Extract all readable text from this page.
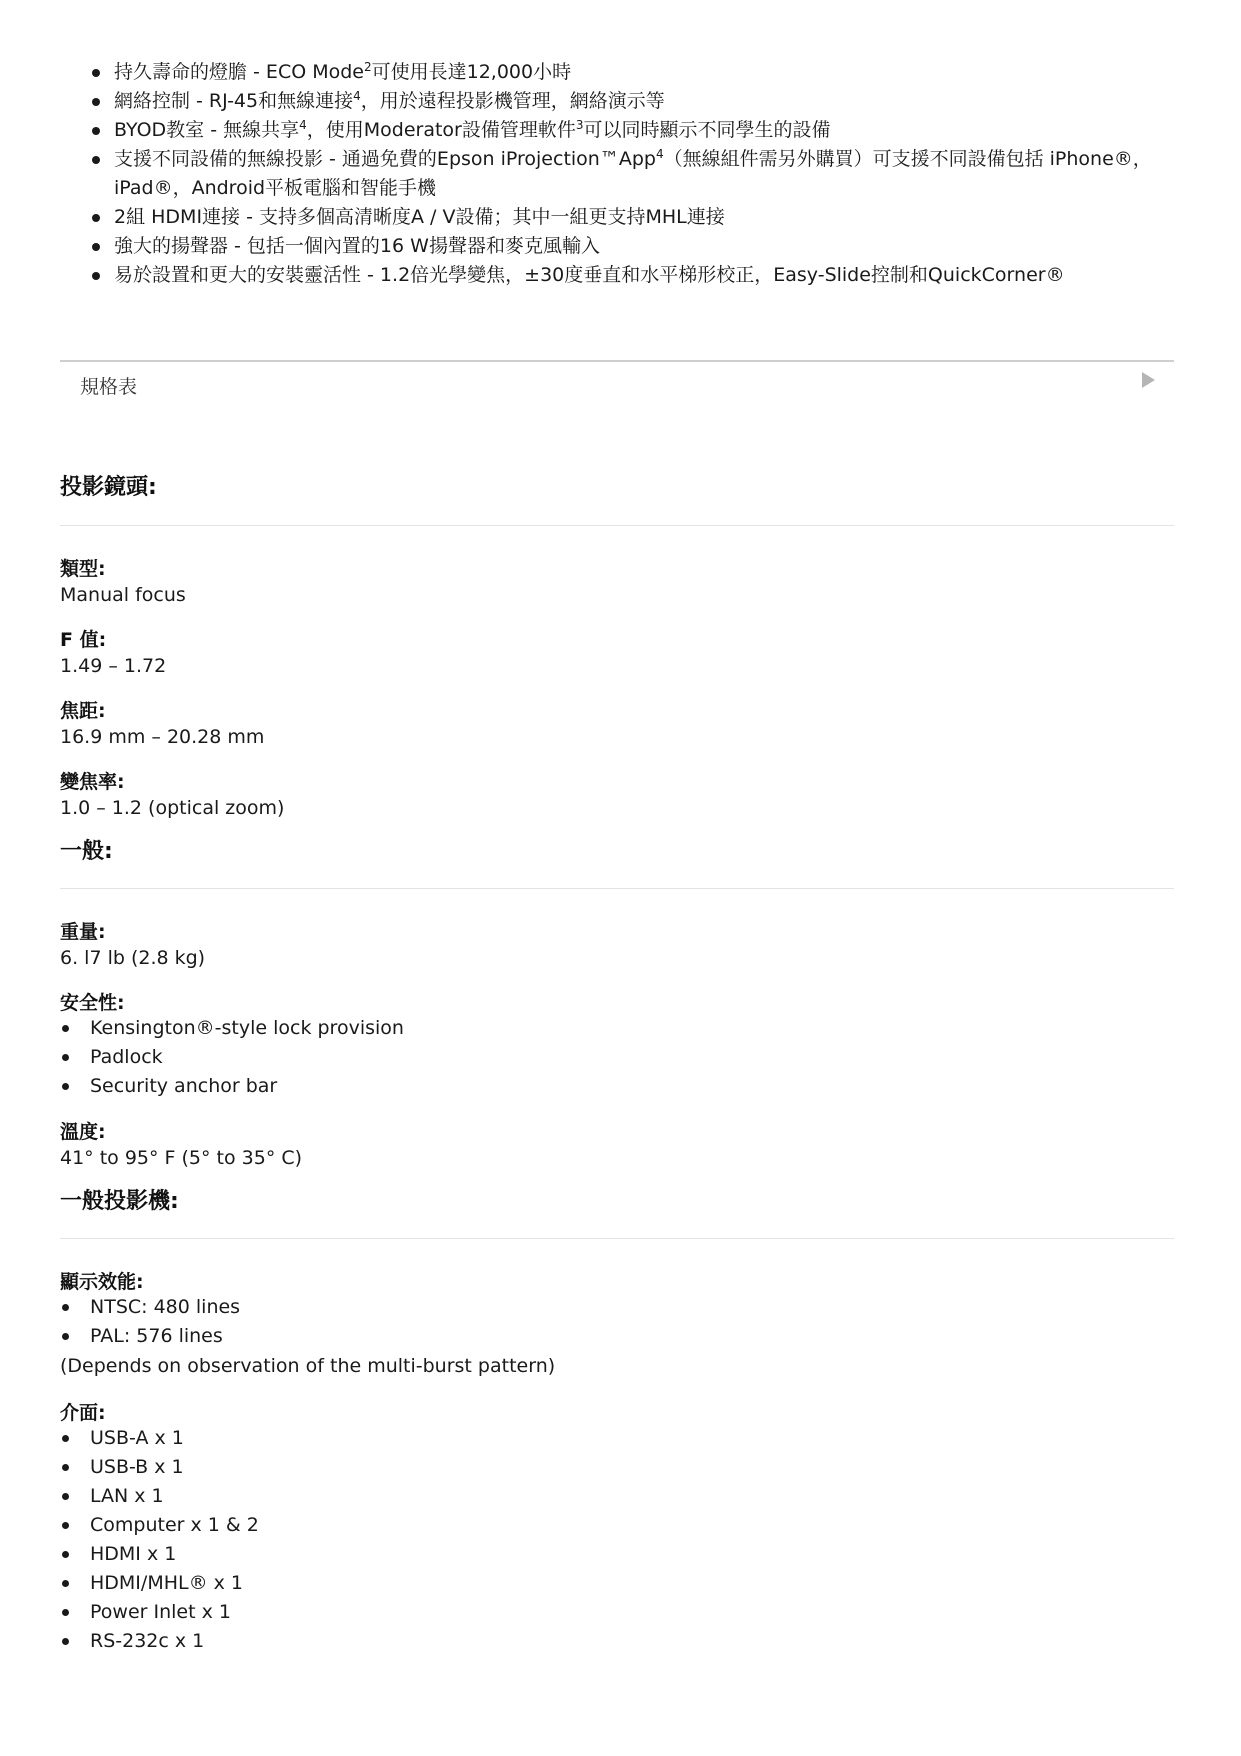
持久壽命的燈膽 - ECO Mode$^2$可使用長達12,000小時
網絡控制 - RJ-45和無線連接$^4$，用於遠程投影機管理，網絡演示等
BYOD教室 - 無線共享$^4$，使用Moderator設備管理軟件$^3$可以同時顯示不同學生的設備
支援不同設備的無線投影 - 通過免費的Epson iProjection™App$^4$（無線組件需另外購買）可支援不同設備包括 iPhone®，iPad®，Android平板電腦和智能手機
2組 HDMI連接 - 支持多個高清晰度A / V設備；其中一組更支持MHL連接
強大的揚聲器 - 包括一個內置的16 W揚聲器和麥克風輸入
易於設置和更大的安裝靈活性 - 1.2倍光學變焦，±30度垂直和水平梯形校正，Easy-Slide控制和QuickCorner®
規格表
投影鏡頭:
類型:
Manual focus
F 值:
1.49 – 1.72
焦距:
16.9 mm – 20.28 mm
變焦率:
1.0 – 1.2 (optical zoom)
一般:
重量:
6. l7 lb (2.8 kg)
安全性:
Kensington®-style lock provision
Padlock
Security anchor bar
溫度:
41° to 95° F (5° to 35° C)
一般投影機:
顯示效能:
NTSC: 480 lines
PAL: 576 lines
(Depends on observation of the multi-burst pattern)
介面:
USB-A x 1
USB-B x 1
LAN x 1
Computer x 1 & 2
HDMI x 1
HDMI/MHL® x 1
Power Inlet x 1
RS-232c x 1
